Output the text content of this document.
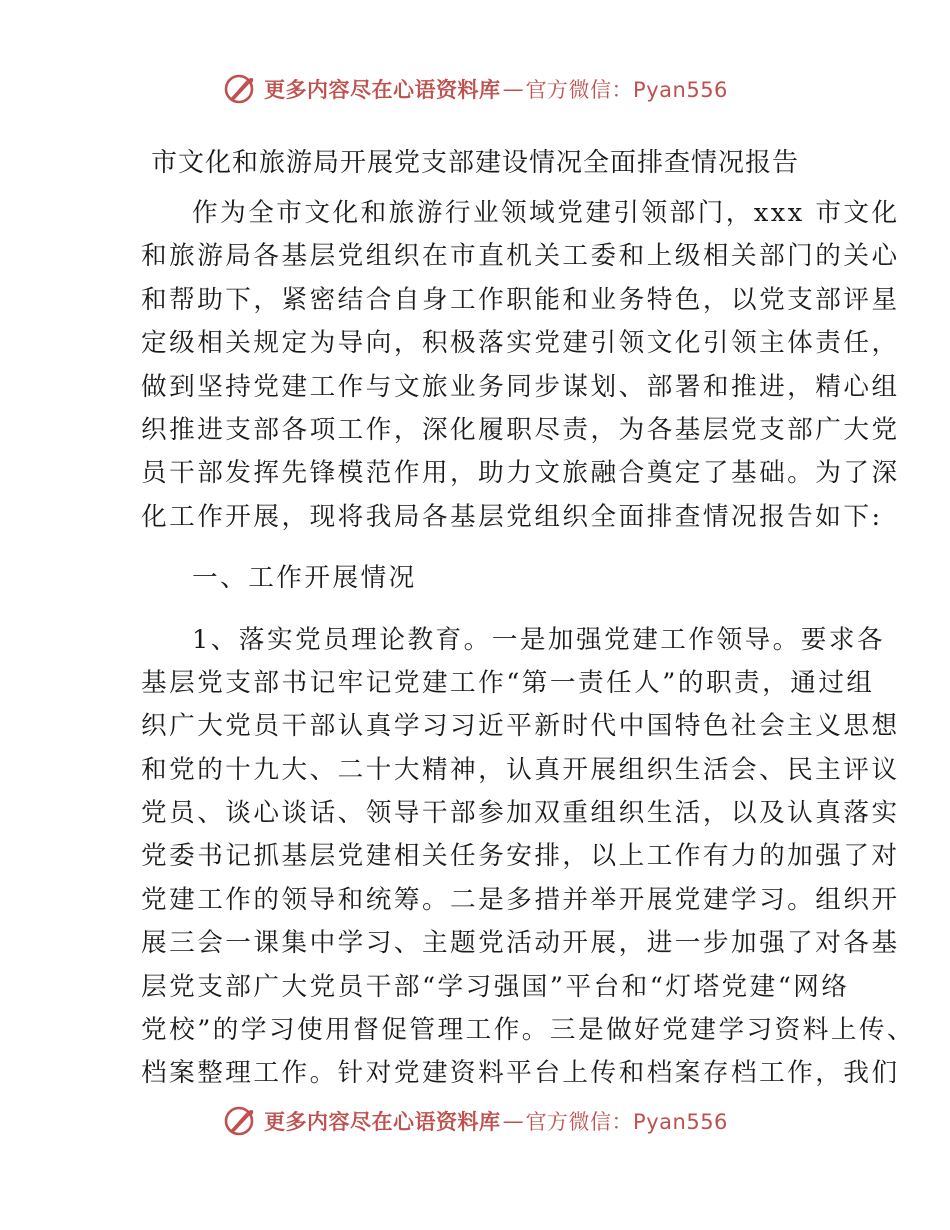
更多内容尽在心语资料库 — 官方微信：Pyan556
市文化和旅游局开展党支部建设情况全面排查情况报告
作为全市文化和旅游行业领域党建引领部门，xxx 市文化
和旅游局各基层党组织在市直机关工委和上级相关部门的关心
和帮助下，紧密结合自身工作职能和业务特色，以党支部评星
定级相关规定为导向，积极落实党建引领文化引领主体责任，
做到坚持党建工作与文旅业务同步谋划、部署和推进，精心组
织推进支部各项工作，深化履职尽责，为各基层党支部广大党
员干部发挥先锋模范作用，助力文旅融合奠定了基础。为了深
化工作开展，现将我局各基层党组织全面排查情况报告如下:
一、工作开展情况
1、落实党员理论教育。一是加强党建工作领导。要求各
基层党支部书记牢记党建工作“第一责任人”的职责，通过组
织广大党员干部认真学习习近平新时代中国特色社会主义思想
和党的十九大、二十大精神，认真开展组织生活会、民主评议
党员、谈心谈话、领导干部参加双重组织生活，以及认真落实
党委书记抓基层党建相关任务安排，以上工作有力的加强了对
党建工作的领导和统筹。二是多措并举开展党建学习。组织开
展三会一课集中学习、主题党活动开展，进一步加强了对各基
层党支部广大党员干部“学习强国”平台和“灯塔党建“网络
党校”的学习使用督促管理工作。三是做好党建学习资料上传、
档案整理工作。针对党建资料平台上传和档案存档工作，我们
更多内容尽在心语资料库 — 官方微信：Pyan556
